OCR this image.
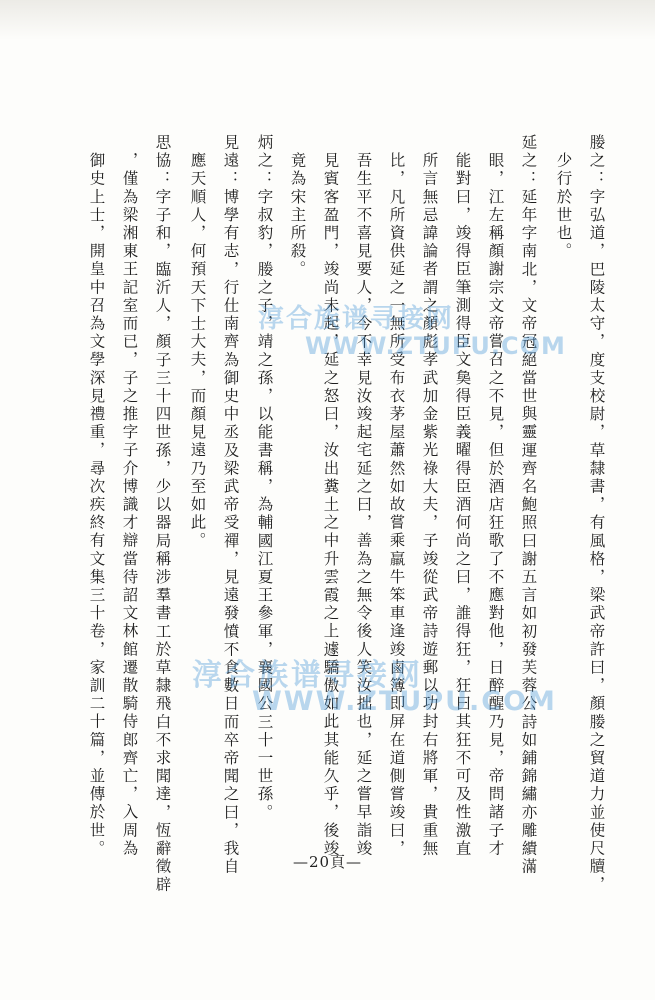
媵之：字弘道，巴陵太守，度支校尉，草隸書，有風格，梁武帝許曰，顏媵之貿道力並使尺牘，
少行於世也。
延之：延年字南北，文帝冠絕當世與靈運齊名鮑照曰謝五言如初發芙蓉公詩如鋪錦繡亦雕繢滿
眼，江左稱顏謝宗文帝嘗召之不見，但於酒店狂歌了不應對他，日醉醒乃見，帝問諸子才
能對曰，竣得臣筆測得臣文㚟得臣義曜得臣酒何尚之曰，誰得狂，狂曰其狂不可及性激直
所言無忌諱論者謂之顏彪孝武加金紫光祿大夫，子竣從武帝詩遊郵以功封右將軍，貴重無
比，凡所資供延之一無所受布衣茅屋蕭然如故嘗乘羸牛笨車逢竣鹵簿即屏在道側嘗竣曰，
吾生平不喜見要人，今不幸見汝竣起宅延之曰，善為之無令後人笑汝拙也，延之嘗早詣竣
見賓客盈門，竣尚未起，延之怒曰，汝出糞土之中升雲霞之上遽驕傲如此其能久乎，後竣
竟為宋主所殺。
炳之：字叔豹，媵之子，靖之孫，以能書稱，為輔國江夏王參軍，襄國公三十一世孫。
見遠：博學有志，行仕南齊為御史中丞及梁武帝受禪，見遠發憤不食數日而卒帝聞之曰，我自
應天順人，何預天下士大夫，而顏見遠乃至如此。
思協：字子和，臨沂人，顏子三十四世孫，少以器局稱涉羣書工於草隸飛白不求聞達，恆辭徵辟
，僅為梁湘東王記室而已，子之推字子介博識才辯當待詔文林館遷散騎侍郎齊亡，入周為
御史上士，開皇中召為文學深見禮重，尋次疾終有文集三十卷，家訓二十篇，並傳於世。	淳合族谱寻接网
WWW.ZTUPU.COM
淳合族谱寻接网
WWW.ZTUPU.COM
—20頁—
